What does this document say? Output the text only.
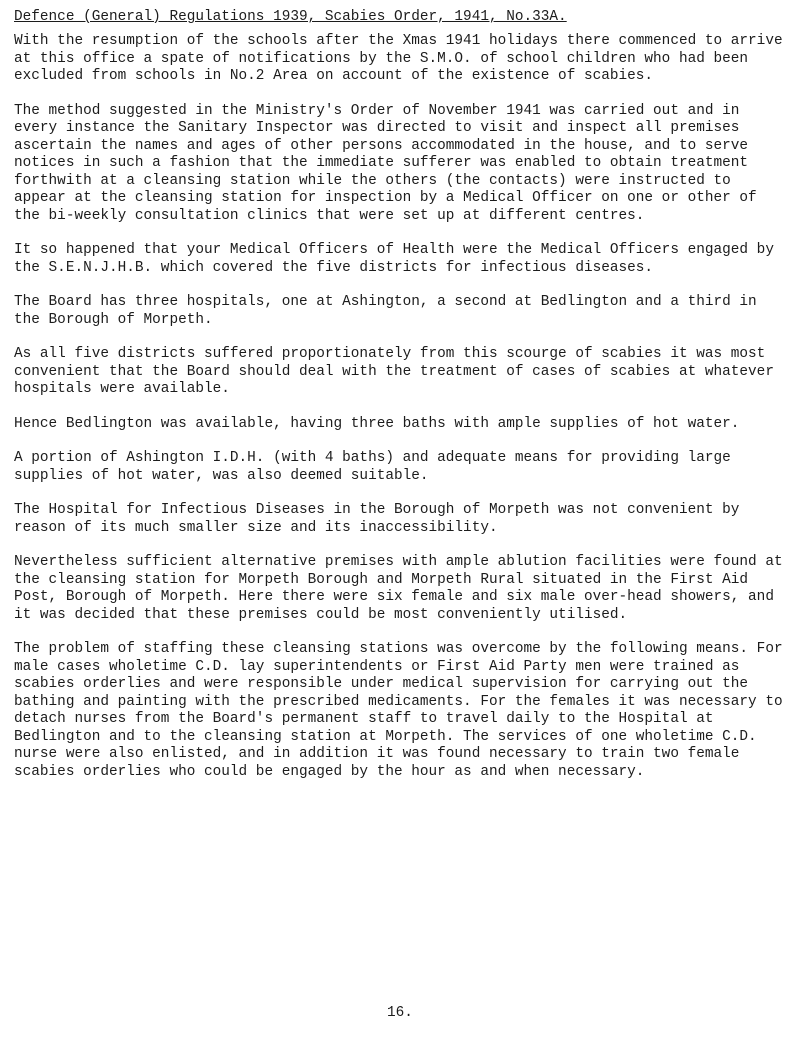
Defence (General) Regulations 1939, Scabies Order, 1941, No.33A.

With the resumption of the schools after the Xmas 1941 holidays there commenced to arrive at this office a spate of notifications by the S.M.O. of school children who had been excluded from schools in No.2 Area on account of the existence of scabies.

The method suggested in the Ministry's Order of November 1941 was carried out and in every instance the Sanitary Inspector was directed to visit and inspect all premises ascertain the names and ages of other persons accommodated in the house, and to serve notices in such a fashion that the immediate sufferer was enabled to obtain treatment forthwith at a cleansing station while the others (the contacts) were instructed to appear at the cleansing station for inspection by a Medical Officer on one or other of the bi-weekly consultation clinics that were set up at different centres.

It so happened that your Medical Officers of Health were the Medical Officers engaged by the S.E.N.J.H.B. which covered the five districts for infectious diseases.

The Board has three hospitals, one at Ashington, a second at Bedlington and a third in the Borough of Morpeth.

As all five districts suffered proportionately from this scourge of scabies it was most convenient that the Board should deal with the treatment of cases of scabies at whatever hospitals were available.

Hence Bedlington was available, having three baths with ample supplies of hot water.

A portion of Ashington I.D.H. (with 4 baths) and adequate means for providing large supplies of hot water, was also deemed suitable.

The Hospital for Infectious Diseases in the Borough of Morpeth was not convenient by reason of its much smaller size and its inaccessibility.

Nevertheless sufficient alternative premises with ample ablution facilities were found at the cleansing station for Morpeth Borough and Morpeth Rural situated in the First Aid Post, Borough of Morpeth. Here there were six female and six male over-head showers, and it was decided that these premises could be most conveniently utilised.

The problem of staffing these cleansing stations was overcome by the following means. For male cases wholetime C.D. lay superintendents or First Aid Party men were trained as scabies orderlies and were responsible under medical supervision for carrying out the bathing and painting with the prescribed medicaments. For the females it was necessary to detach nurses from the Board's permanent staff to travel daily to the Hospital at Bedlington and to the cleansing station at Morpeth. The services of one wholetime C.D. nurse were also enlisted, and in addition it was found necessary to train two female scabies orderlies who could be engaged by the hour as and when necessary.

16.
